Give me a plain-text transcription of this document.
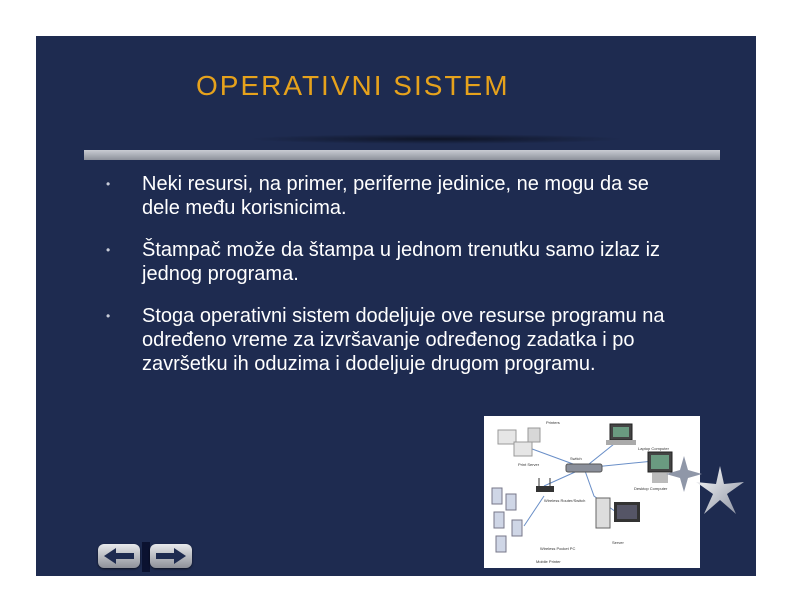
OPERATIVNI SISTEM
• Neki resursi, na primer, periferne jedinice, ne mogu da se dele među korisnicima.
• Štampač može da štampa u jednom trenutku samo izlaz iz jednog programa.
• Stoga operativni sistem dodeljuje ove resurse programu na određeno vreme za izvršavanje određenog zadatka i po završetku ih oduzima i dodeljuje drugom programu.
Printers
Print Server
Laptop Computer
Desktop Computer
Switch
Wireless Router/Switch
Server
Wireless Pocket PC
Mobile Printer
